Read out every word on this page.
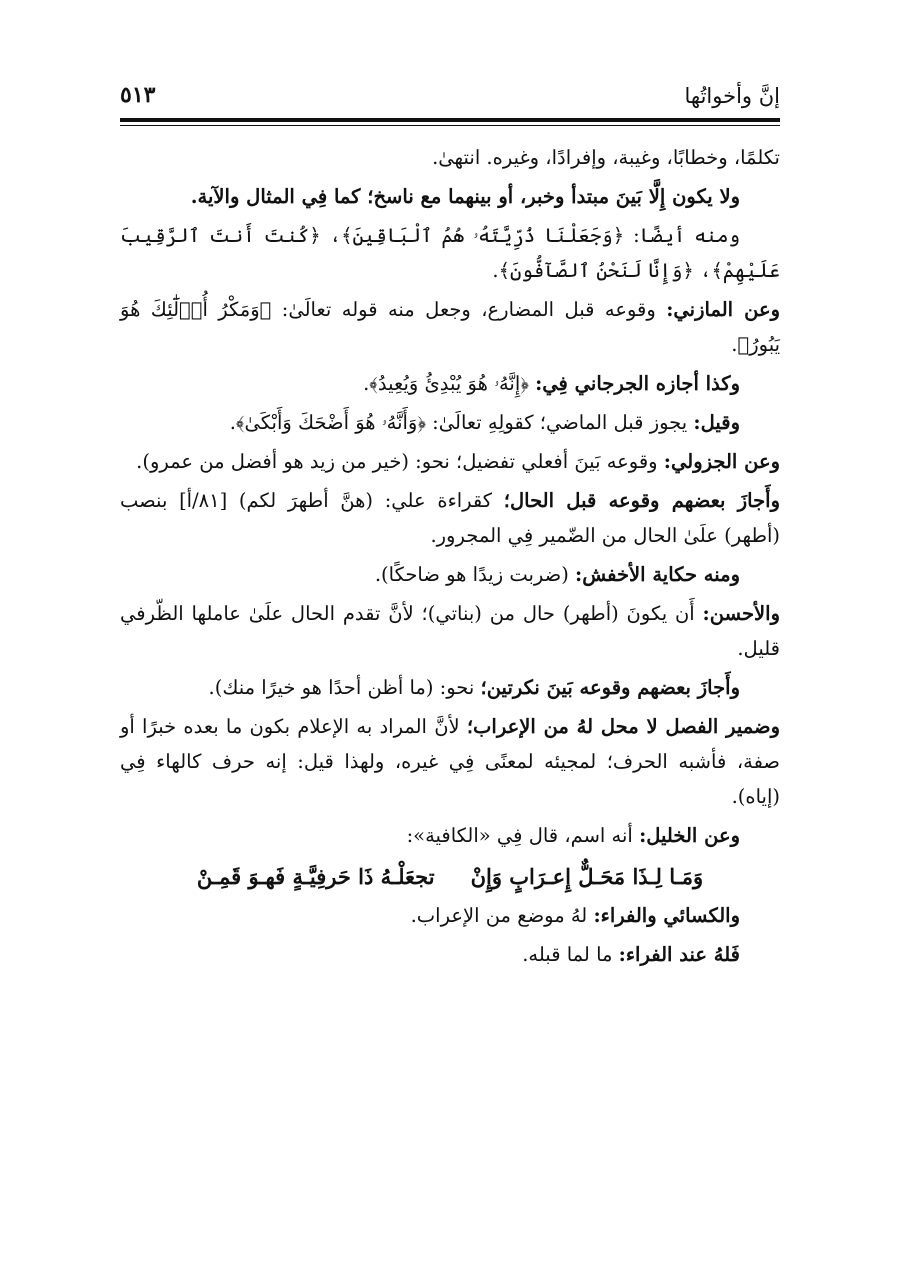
إنَّ وأخواتُها
٥١٣

تكلمًا، وخطابًا، وغيبة، وإفرادًا، وغيره. انتهىٰ.

ولا يكون إِلَّا بَينَ مبتدأ وخبر، أو بينهما مع ناسخ؛ كما فِي المثال والآية.

ومنه أيضًا: ﴿وَجَعَلْنَا ذُرِّيَّتَهُۥ هُمُ ٱلْبَاقِينَ﴾، ﴿كُنتَ أَنتَ ٱلرَّقِيبَ عَلَيْهِمْ﴾، ﴿وَإِنَّا لَنَحْنُ ٱلصَّآفُّونَ﴾.

وعن المازني: وقوعه قبل المضارع، وجعل منه قوله تعالَىٰ: ﴿وَمَكْرُ أُو۟لَٰٓئِكَ هُوَ يَبُورُ﴾.

وكذا أجازه الجرجاني فِي: ﴿إِنَّهُۥ هُوَ يُبْدِئُ وَيُعِيدُ﴾.

وقيل: يجوز قبل الماضي؛ كقولِهِ تعالَىٰ: ﴿وَأَنَّهُۥ هُوَ أَضْحَكَ وَأَبْكَىٰ﴾.

وعن الجزولي: وقوعه بَينَ أفعلي تفضيل؛ نحو: (خير من زيد هو أفضل من عمرو).

وأَجازَ بعضهم وقوعه قبل الحال؛ كقراءة علي: (هنَّ أطهرَ لكم) [٨١/أ] بنصب (أطهر) علَىٰ الحال من الضّمير فِي المجرور.

ومنه حكاية الأخفش: (ضربت زيدًا هو ضاحكًا).

والأحسن: أَن يكونَ (أطهر) حال من (بناتي)؛ لأنَّ تقدم الحال علَىٰ عاملها الظّرفي قليل.

وأَجازَ بعضهم وقوعه بَينَ نكرتين؛ نحو: (ما أظن أحدًا هو خيرًا منك).

وضمير الفصل لا محل لهُ من الإعراب؛ لأنَّ المراد به الإعلام بكون ما بعده خبرًا أو صفة، فأشبه الحرف؛ لمجيئه لمعنًى فِي غيره، ولهذا قيل: إنه حرف كالهاء فِي (إياه).

وعن الخليل: أنه اسم، قال فِي «الكافية»:

وَمَـا لِـذَا مَحَـلٌّ إِعـرَابٍ وَإِنْتجعَلْـهُ ذَا حَرفِيَّـةٍ فَهـوَ قَمِـنْ

والكسائي والفراء: لهُ موضع من الإعراب.

فَلهُ عند الفراء: ما لما قبله.
